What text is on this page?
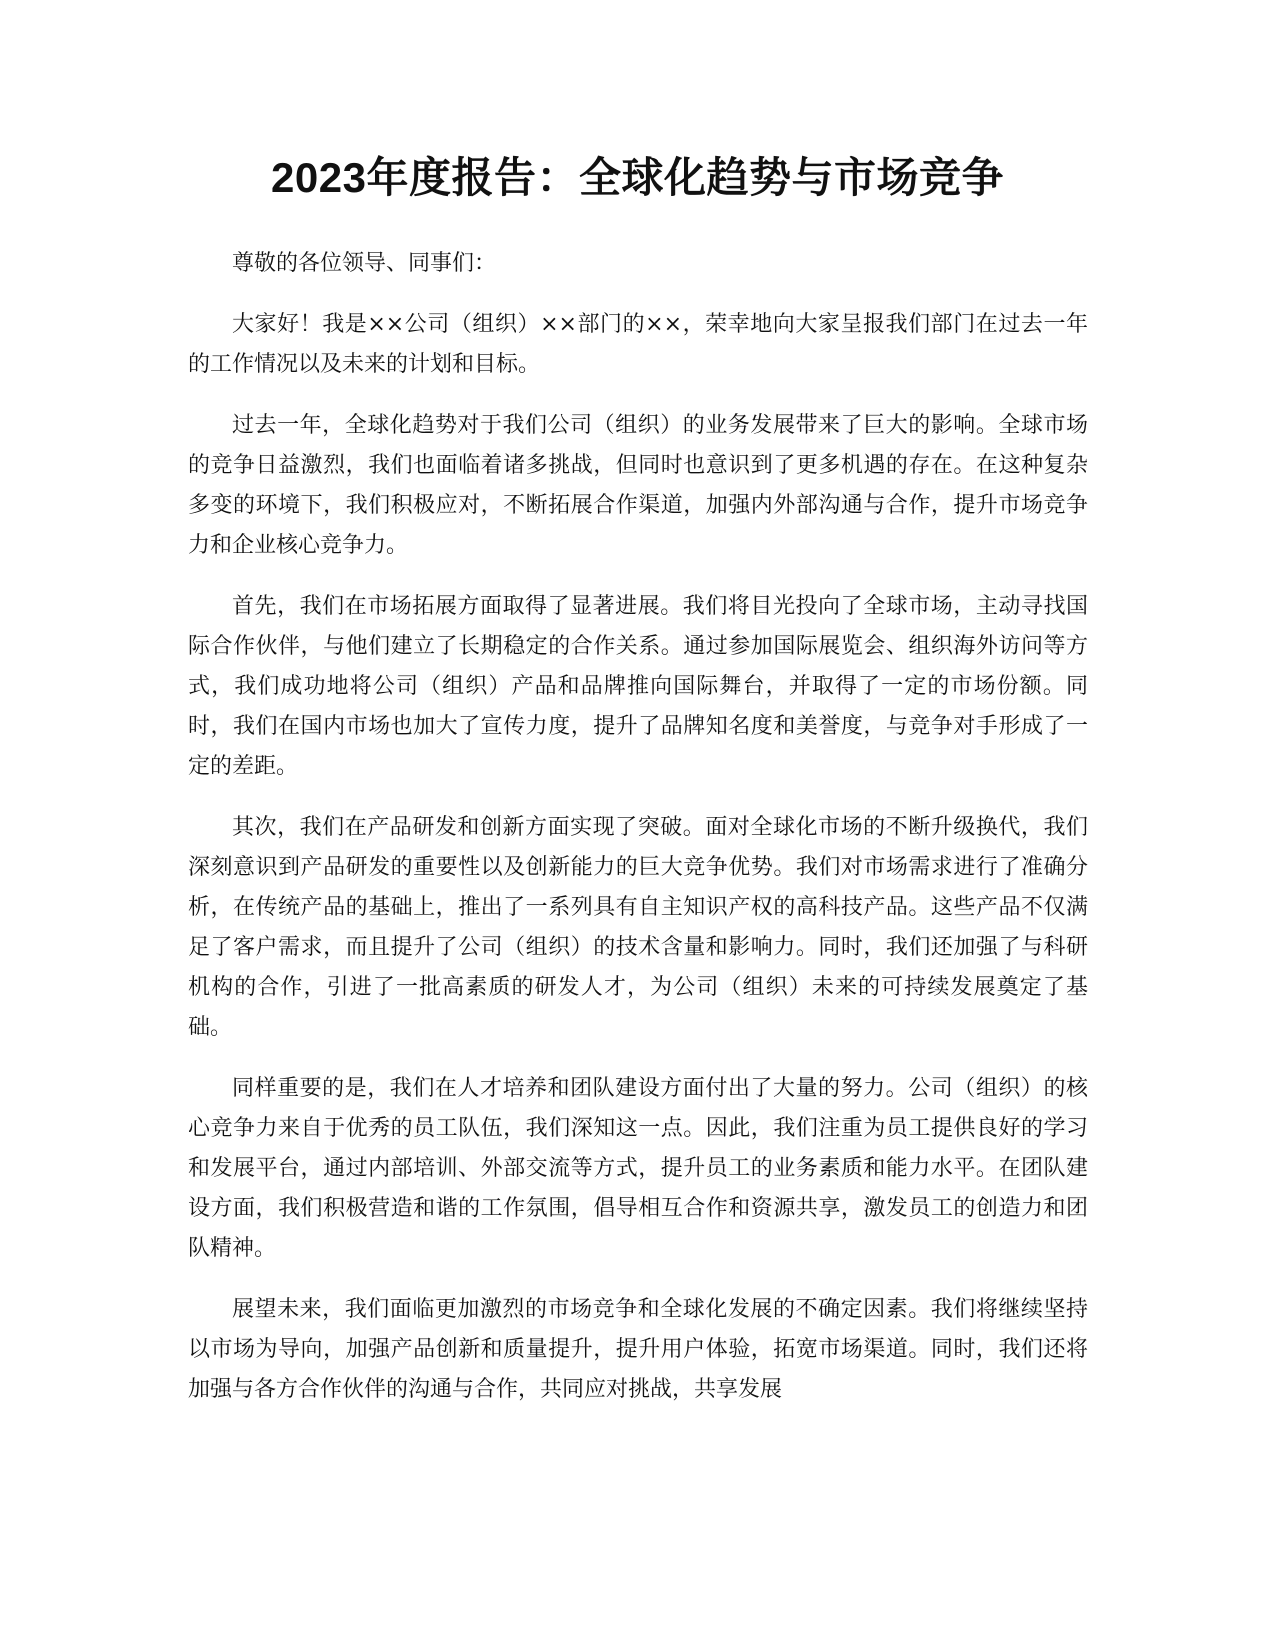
2023年度报告：全球化趋势与市场竞争

尊敬的各位领导、同事们：

大家好！我是××公司（组织）××部门的××，荣幸地向大家呈报我们部门在过去一年的工作情况以及未来的计划和目标。

过去一年，全球化趋势对于我们公司（组织）的业务发展带来了巨大的影响。全球市场的竞争日益激烈，我们也面临着诸多挑战，但同时也意识到了更多机遇的存在。在这种复杂多变的环境下，我们积极应对，不断拓展合作渠道，加强内外部沟通与合作，提升市场竞争力和企业核心竞争力。

首先，我们在市场拓展方面取得了显著进展。我们将目光投向了全球市场，主动寻找国际合作伙伴，与他们建立了长期稳定的合作关系。通过参加国际展览会、组织海外访问等方式，我们成功地将公司（组织）产品和品牌推向国际舞台，并取得了一定的市场份额。同时，我们在国内市场也加大了宣传力度，提升了品牌知名度和美誉度，与竞争对手形成了一定的差距。

其次，我们在产品研发和创新方面实现了突破。面对全球化市场的不断升级换代，我们深刻意识到产品研发的重要性以及创新能力的巨大竞争优势。我们对市场需求进行了准确分析，在传统产品的基础上，推出了一系列具有自主知识产权的高科技产品。这些产品不仅满足了客户需求，而且提升了公司（组织）的技术含量和影响力。同时，我们还加强了与科研机构的合作，引进了一批高素质的研发人才，为公司（组织）未来的可持续发展奠定了基础。

同样重要的是，我们在人才培养和团队建设方面付出了大量的努力。公司（组织）的核心竞争力来自于优秀的员工队伍，我们深知这一点。因此，我们注重为员工提供良好的学习和发展平台，通过内部培训、外部交流等方式，提升员工的业务素质和能力水平。在团队建设方面，我们积极营造和谐的工作氛围，倡导相互合作和资源共享，激发员工的创造力和团队精神。

展望未来，我们面临更加激烈的市场竞争和全球化发展的不确定因素。我们将继续坚持以市场为导向，加强产品创新和质量提升，提升用户体验，拓宽市场渠道。同时，我们还将加强与各方合作伙伴的沟通与合作，共同应对挑战，共享发展
